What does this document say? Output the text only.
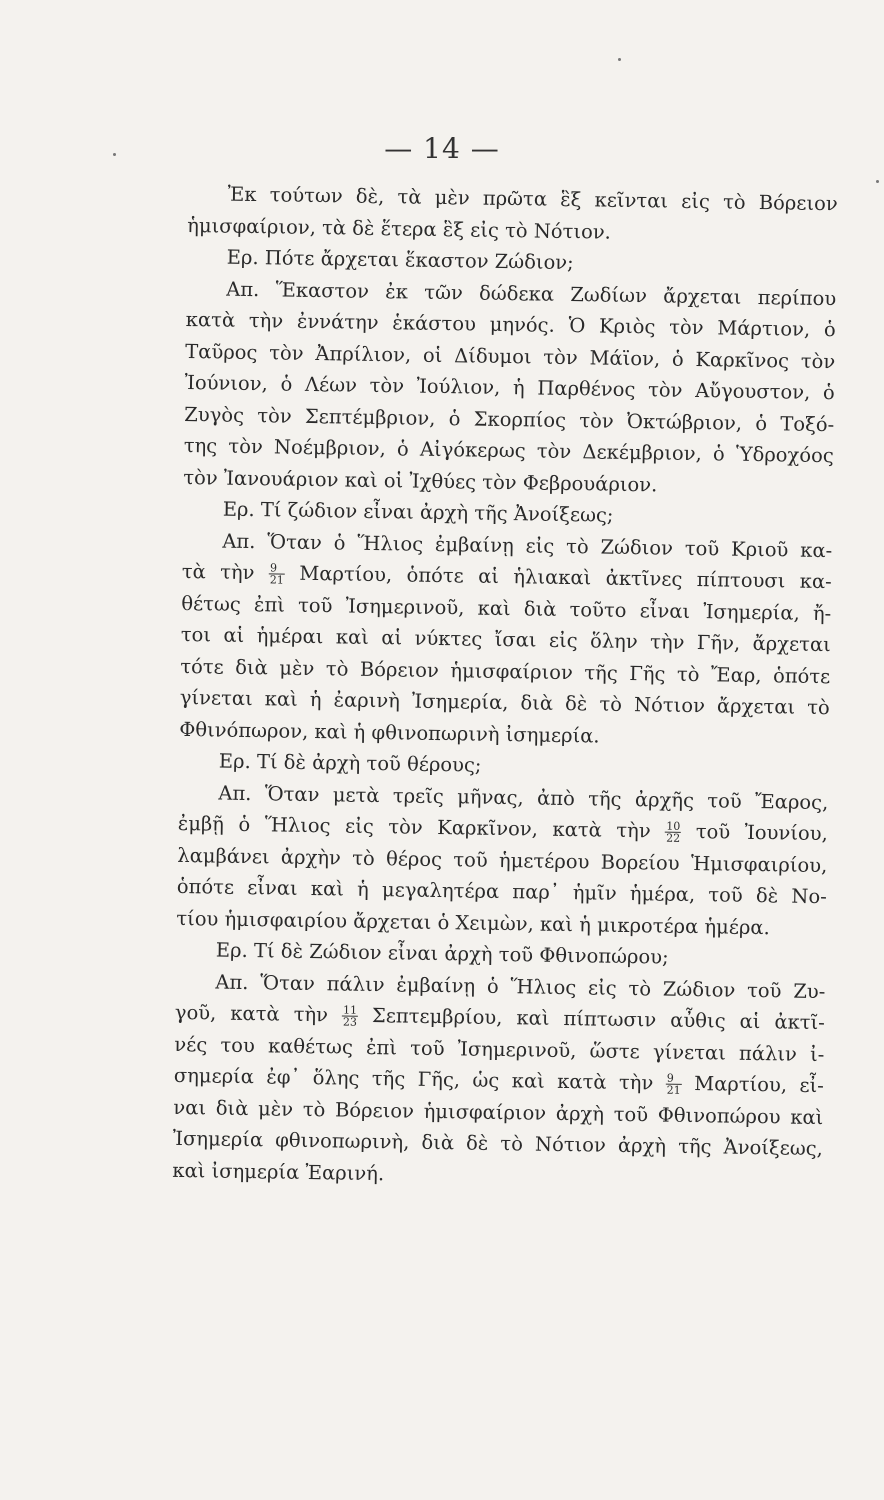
— 14 —
Ἐκ τούτων δὲ, τὰ μὲν πρῶτα ἓξ κεῖνται εἰς τὸ Βόρειον
ἡμισφαίριον, τὰ δὲ ἕτερα ἓξ εἰς τὸ Νότιον.
Ερ. Πότε ἄρχεται ἕκαστον Ζώδιον;
Απ. Ἕκαστον ἐκ τῶν δώδεκα Ζωδίων ἄρχεται περίπου
κατὰ τὴν ἐννάτην ἑκάστου μηνός. Ὁ Κριὸς τὸν Μάρτιον, ὁ
Ταῦρος τὸν Ἀπρίλιον, οἱ Δίδυμοι τὸν Μάϊον, ὁ Καρκῖνος τὸν
Ἰούνιον, ὁ Λέων τὸν Ἰούλιον, ἡ Παρθένος τὸν Αὔγουστον, ὁ
Ζυγὸς τὸν Σεπτέμβριον, ὁ Σκορπίος τὸν Ὀκτώβριον, ὁ Τοξό-
της τὸν Νοέμβριον, ὁ Αἰγόκερως τὸν Δεκέμβριον, ὁ Ὑδροχόος
τὸν Ἰανουάριον καὶ οἱ Ἰχθύες τὸν Φεβρουάριον.
Ερ. Τί ζώδιον εἶναι ἀρχὴ τῆς Ἀνοίξεως;
Απ. Ὅταν ὁ Ἥλιος ἐμβαίνῃ εἰς τὸ Ζώδιον τοῦ Κριοῦ κα-
τὰ τὴν $\frac{9}{21} M\alpha\rho\tau ίo\upsilon$, ὁπότε αἱ ἡλιακαὶ ἀκτῖνες πίπτουσι κα-
θέτως ἐπὶ τοῦ Ἰσημερινοῦ, καὶ διὰ τοῦτο εἶναι Ἰσημερία, ἤ-
τοι αἱ ἡμέραι καὶ αἱ νύκτες ἴσαι εἰς ὅλην τὴν Γῆν, ἄρχεται
τότε διὰ μὲν τὸ Βόρειον ἡμισφαίριον τῆς Γῆς τὸ Ἔαρ, ὁπότε
γίνεται καὶ ἡ ἐαρινὴ Ἰσημερία, διὰ δὲ τὸ Νότιον ἄρχεται τὸ
Φθινόπωρον, καὶ ἡ φθινοπωρινὴ ἰσημερία.
Ερ. Τί δὲ ἀρχὴ τοῦ θέρους;
Απ. Ὅταν μετὰ τρεῖς μῆνας, ἀπὸ τῆς ἀρχῆς τοῦ Ἔαρος,
ἐμβῇ ὁ Ἥλιος εἰς τὸν Καρκῖνον, κατὰ τὴν $\frac{10}{22}$ τοῦ Ἰουνίου,
λαμβάνει ἀρχὴν τὸ θέρος τοῦ ἡμετέρου Βορείου Ἡμισφαιρίου,
ὁπότε εἶναι καὶ ἡ μεγαλητέρα παρ᾽ ἡμῖν ἡμέρα, τοῦ δὲ Νο-
τίου ἡμισφαιρίου ἄρχεται ὁ Χειμὼν, καὶ ἡ μικροτέρα ἡμέρα.
Ερ. Τί δὲ Ζώδιον εἶναι ἀρχὴ τοῦ Φθινοπώρου;
Απ. Ὅταν πάλιν ἐμβαίνῃ ὁ Ἥλιος εἰς τὸ Ζώδιον τοῦ Ζυ-
γοῦ, κατὰ τὴν $\frac{11}{23} \Sigma\varepsilon\pi\tau\varepsilon\mu\beta\rho ίo\upsilon$, καὶ πίπτωσιν αὖθις αἱ ἀκτῖ-
νές του καθέτως ἐπὶ τοῦ Ἰσημερινοῦ, ὥστε γίνεται πάλιν ἰ-
σημερία ἐφ᾽ ὅλης τῆς Γῆς, ὡς καὶ κατὰ τὴν $\frac{9}{21} M\alpha\rho\tau ίo\upsilon$, εἶ-
ναι διὰ μὲν τὸ Βόρειον ἡμισφαίριον ἀρχὴ τοῦ Φθινοπώρου καὶ
Ἰσημερία φθινοπωρινὴ, διὰ δὲ τὸ Νότιον ἀρχὴ τῆς Ἀνοίξεως,
καὶ ἰσημερία Ἐαρινή.
